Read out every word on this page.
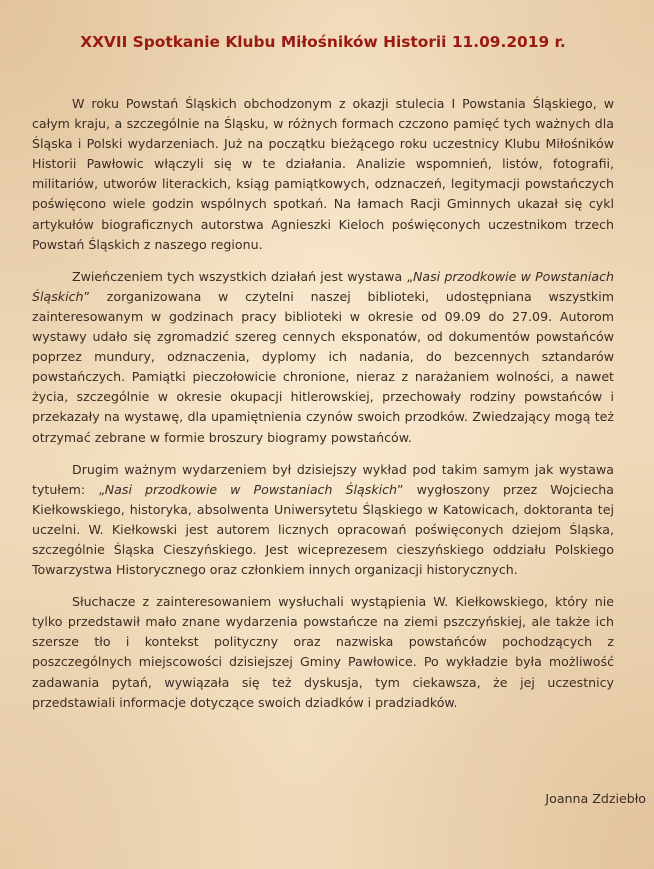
XXVII Spotkanie Klubu Miłośników Historii 11.09.2019 r.

W roku Powstań Śląskich obchodzonym z okazji stulecia I Powstania Śląskiego, w całym kraju, a szczególnie na Śląsku, w różnych formach czczono pamięć tych ważnych dla Śląska i Polski wydarzeniach. Już na początku bieżącego roku uczestnicy Klubu Miłośników Historii Pawłowic włączyli się w te działania. Analizie wspomnień, listów, fotografii, militariów, utworów literackich, ksiąg pamiątkowych, odznaczeń, legitymacji powstańczych poświęcono wiele godzin wspólnych spotkań. Na łamach Racji Gminnych ukazał się cykl artykułów biograficznych autorstwa Agnieszki Kieloch poświęconych uczestnikom trzech Powstań Śląskich z naszego regionu.

Zwieńczeniem tych wszystkich działań jest wystawa „Nasi przodkowie w Powstaniach Śląskich” zorganizowana w czytelni naszej biblioteki, udostępniana wszystkim zainteresowanym w godzinach pracy biblioteki w okresie od 09.09 do 27.09. Autorom wystawy udało się zgromadzić szereg cennych eksponatów, od dokumentów powstańców poprzez mundury, odznaczenia, dyplomy ich nadania, do bezcennych sztandarów powstańczych. Pamiątki pieczołowicie chronione, nieraz z narażaniem wolności, a nawet życia, szczególnie w okresie okupacji hitlerowskiej, przechowały rodziny powstańców i przekazały na wystawę, dla upamiętnienia czynów swoich przodków. Zwiedzający mogą też otrzymać zebrane w formie broszury biogramy powstańców.

Drugim ważnym wydarzeniem był dzisiejszy wykład pod takim samym jak wystawa tytułem: „Nasi przodkowie w Powstaniach Śląskich” wygłoszony przez Wojciecha Kiełkowskiego, historyka, absolwenta Uniwersytetu Śląskiego w Katowicach, doktoranta tej uczelni. W. Kiełkowski jest autorem licznych opracowań poświęconych dziejom Śląska, szczególnie Śląska Cieszyńskiego. Jest wiceprezesem cieszyńskiego oddziału Polskiego Towarzystwa Historycznego oraz członkiem innych organizacji historycznych.

Słuchacze z zainteresowaniem wysłuchali wystąpienia W. Kiełkowskiego, który nie tylko przedstawił mało znane wydarzenia powstańcze na ziemi pszczyńskiej, ale także ich szersze tło i kontekst polityczny oraz nazwiska powstańców pochodzących z poszczególnych miejscowości dzisiejszej Gminy Pawłowice. Po wykładzie była możliwość zadawania pytań, wywiązała się też dyskusja, tym ciekawsza, że jej uczestnicy przedstawiali informacje dotyczące swoich dziadków i pradziadków.

Joanna Zdziebło
